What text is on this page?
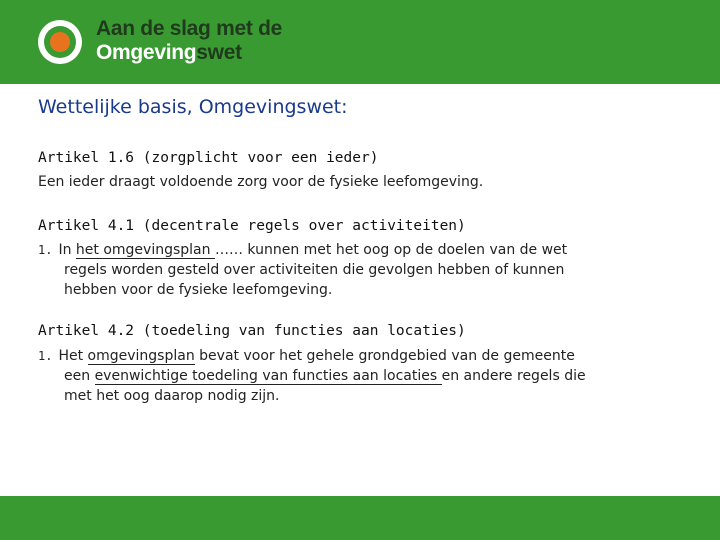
Aan de slag met de
Omgevingswet
Wettelijke basis, Omgevingswet:
Artikel 1.6 (zorgplicht voor een ieder)
Een ieder draagt voldoende zorg voor de fysieke leefomgeving.
Artikel 4.1 (decentrale regels over activiteiten)
1. In het omgevingsplan …… kunnen met het oog op de doelen van de wet
regels worden gesteld over activiteiten die gevolgen hebben of kunnen
hebben voor de fysieke leefomgeving.
Artikel 4.2 (toedeling van functies aan locaties)
1. Het omgevingsplan bevat voor het gehele grondgebied van de gemeente
een evenwichtige toedeling van functies aan locaties en andere regels die
met het oog daarop nodig zijn.
